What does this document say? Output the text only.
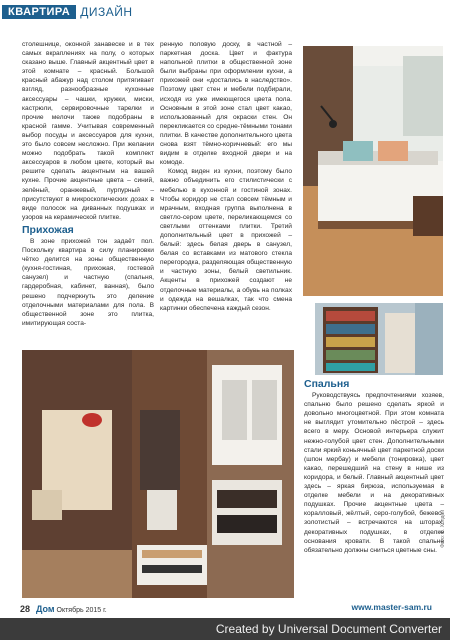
КВАРТИРА ДИЗАЙН

столешнице, оконной занавеске и в тех самых вкраплениях на полу, о которых сказано выше. Главный акцентный цвет в этой комнате – красный. Большой красный абажур над столом притягивает взгляд, разнообразные кухонные аксессуары – чашки, кружки, миски, кастрюли, сервировочные тарелки и прочие мелочи также подобраны в красной гамме. Учитывая современный выбор посуды и аксессуаров для кухни, это было совсем несложно. При желании можно подобрать такой комплект аксессуаров в любом цвете, который вы решите сделать акцентным на вашей кухне. Прочие акцентные цвета – синий, зелёный, оранжевый, пурпурный – присутствуют в микроскопических дозах в виде полосок на диванных подушках и узоров на керамической плитке.

Прихожая

В зоне прихожей тон задаёт пол. Поскольку квартира в силу планировки чётко делится на зоны общественную (кухня-гостиная, прихожая, гостевой санузел) и частную (спальня, гардеробная, кабинет, ванная), было решено подчеркнуть это деление отделочными материалами для пола. В общественной зоне это плитка, имитирующая соста-

ренную половую доску, в частной – паркетная доска. Цвет и фактура напольной плитки в общественной зоне были выбраны при оформлении кухни, а прихожей они «достались в наследство». Поэтому цвет стен и мебели подбирали, исходя из уже имеющегося цвета пола. Основным в этой зоне стал цвет какао, использованный для окраски стен. Он перекликается со средне-тёмными тонами плитки. В качестве дополнительного цвета снова взят тёмно-коричневый: его мы видим в отделке входной двери и на комоде.

Комод виден из кухни, поэтому было важно объединить его стилистически с мебелью в кухонной и гостиной зонах. Чтобы коридор не стал совсем тёмным и мрачным, входная группа выполнена в светло-сером цвете, переликающемся со светлыми оттенками плитки. Третий дополнительный цвет в прихожей – белый: здесь белая дверь в санузел, белая со вставками из матового стекла перегородка, разделяющая общественную и частную зоны, белый светильник. Акценты в прихожей создают не отделочные материалы, а обувь на полках и одежда на вешалках, так что смена картинки обеспечена каждый сезон.

Спальня

Руководствуясь предпочтениями хозяев, спальню было решено сделать яркой и довольно многоцветной. При этом комната не выглядит утомительно пёстрой – здесь всего в меру. Основой интерьера служит нежно-голубой цвет стен. Дополнительными стали яркий коньячный цвет паркетной доски (шпон мербау) и мебели (тонировка), цвет какао, перешедший на стену в нише из коридора, и белый. Главный акцентный цвет здесь – яркая бирюза, используемая в отделке мебели и на декоративных подушках. Прочие акцентные цвета – коралловый, жёлтый, серо-голубой, бежево-золотистый – встречаются на шторах, декоративных подушках, в отделке основания кровати. В такой спальне обязательно должны сниться цветные сны.

Фото: В. Холдей
28 Дом Октябрь 2015 г.	www.master-sam.ru
Created by Universal Document Converter
